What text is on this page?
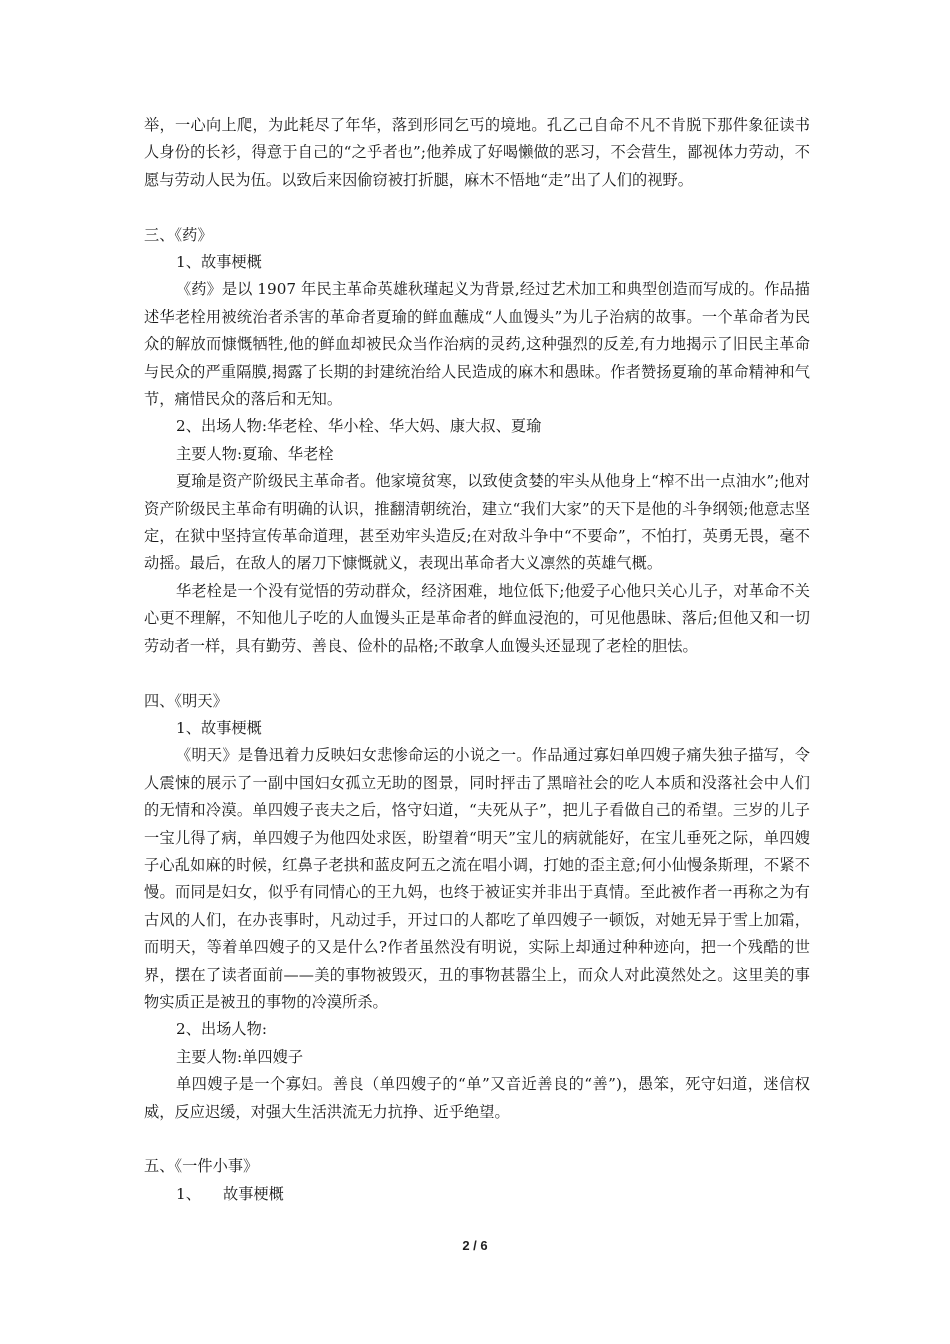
举，一心向上爬，为此耗尽了年华，落到形同乞丐的境地。孔乙己自命不凡不肯脱下那件象征读书人身份的长衫，得意于自己的“之乎者也”;他养成了好喝懒做的恶习，不会营生，鄙视体力劳动，不愿与劳动人民为伍。以致后来因偷窃被打折腿，麻木不悟地“走”出了人们的视野。

三、《药》

1、故事梗概

《药》是以 1907 年民主革命英雄秋瑾起义为背景,经过艺术加工和典型创造而写成的。作品描述华老栓用被统治者杀害的革命者夏瑜的鲜血蘸成“人血馒头”为儿子治病的故事。一个革命者为民众的解放而慷慨牺牲,他的鲜血却被民众当作治病的灵药,这种强烈的反差,有力地揭示了旧民主革命与民众的严重隔膜,揭露了长期的封建统治给人民造成的麻木和愚昧。作者赞扬夏瑜的革命精神和气节，痛惜民众的落后和无知。

2、出场人物:华老栓、华小栓、华大妈、康大叔、夏瑜

主要人物:夏瑜、华老栓

夏瑜是资产阶级民主革命者。他家境贫寒，以致使贪婪的牢头从他身上“榨不出一点油水”;他对资产阶级民主革命有明确的认识，推翻清朝统治，建立“我们大家”的天下是他的斗争纲领;他意志坚定，在狱中坚持宣传革命道理，甚至劝牢头造反;在对敌斗争中“不要命”，不怕打，英勇无畏，毫不动摇。最后，在敌人的屠刀下慷慨就义，表现出革命者大义凛然的英雄气概。

华老栓是一个没有觉悟的劳动群众，经济困难，地位低下;他爱子心他只关心儿子，对革命不关心更不理解，不知他儿子吃的人血馒头正是革命者的鲜血浸泡的，可见他愚昧、落后;但他又和一切劳动者一样，具有勤劳、善良、俭朴的品格;不敢拿人血馒头还显现了老栓的胆怯。

四、《明天》

1、故事梗概

《明天》是鲁迅着力反映妇女悲惨命运的小说之一。作品通过寡妇单四嫂子痛失独子描写，令人震悚的展示了一副中国妇女孤立无助的图景，同时抨击了黑暗社会的吃人本质和没落社会中人们的无情和冷漠。单四嫂子丧夫之后，恪守妇道，“夫死从子”，把儿子看做自己的希望。三岁的儿子一宝儿得了病，单四嫂子为他四处求医，盼望着“明天”宝儿的病就能好，在宝儿垂死之际，单四嫂子心乱如麻的时候，红鼻子老拱和蓝皮阿五之流在唱小调，打她的歪主意;何小仙慢条斯理，不紧不慢。而同是妇女，似乎有同情心的王九妈，也终于被证实并非出于真情。至此被作者一再称之为有古风的人们，在办丧事时，凡动过手，开过口的人都吃了单四嫂子一顿饭，对她无异于雪上加霜，而明天，等着单四嫂子的又是什么?作者虽然没有明说，实际上却通过种种迹向，把一个残酷的世界，摆在了读者面前——美的事物被毁灭，丑的事物甚嚣尘上，而众人对此漠然处之。这里美的事物实质正是被丑的事物的冷漠所杀。

2、出场人物:

主要人物:单四嫂子

单四嫂子是一个寡妇。善良（单四嫂子的“单”又音近善良的“善”)，愚笨，死守妇道，迷信权威，反应迟缓，对强大生活洪流无力抗挣、近乎绝望。

五、《一件小事》

1、 故事梗概

2 / 6
